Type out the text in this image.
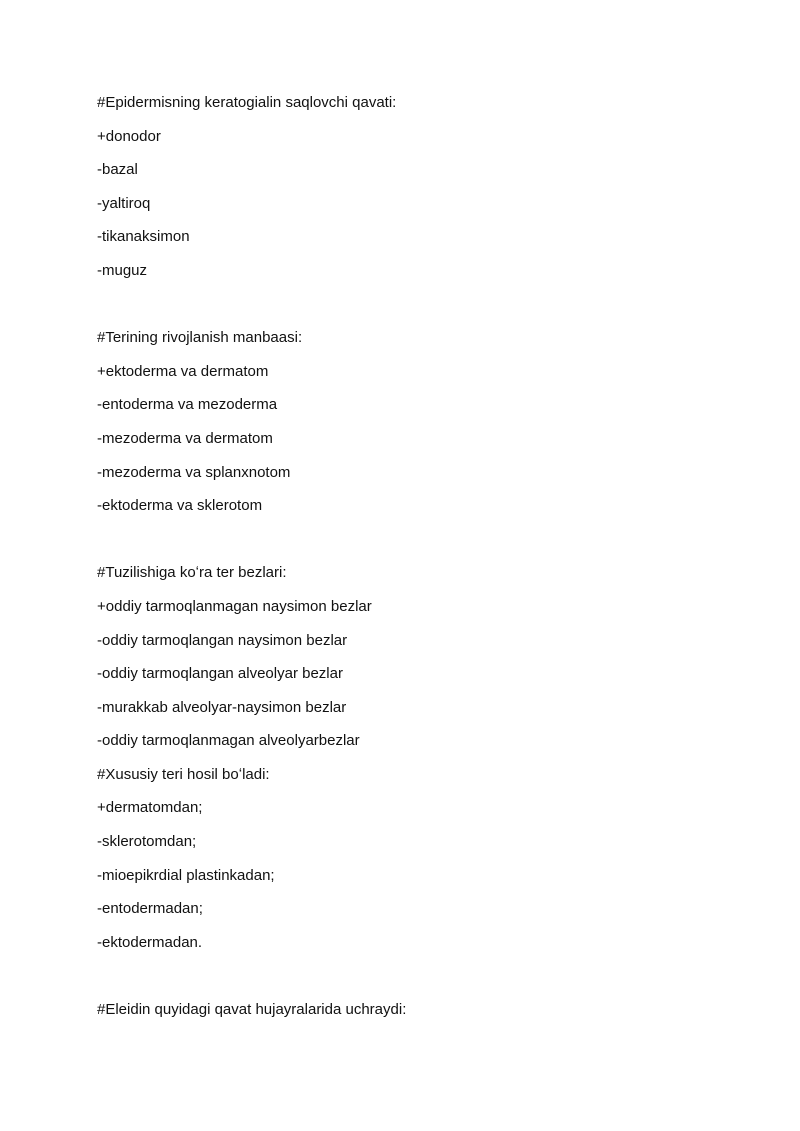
#Epidermisning keratogialin saqlovchi qavati:
+donodor
-bazal
-yaltiroq
-tikanaksimon
-muguz
#Terining rivojlanish manbaasi:
+ektoderma va dermatom
-entoderma va mezoderma
-mezoderma va dermatom
-mezoderma va splanxnotom
-ektoderma va sklerotom
#Tuzilishiga koʻra ter bezlari:
+oddiy tarmoqlanmagan naysimon bezlar
-oddiy tarmoqlangan naysimon bezlar
-oddiy tarmoqlangan alveolyar bezlar
-murakkab alveolyar-naysimon bezlar
-oddiy tarmoqlanmagan alveolyarbezlar
#Xususiy teri hosil boʻladi:
+dermatomdan;
-sklerotomdan;
-mioepikrdial plastinkadan;
-entodermadan;
-ektodermadan.
#Eleidin quyidagi qavat hujayralarida uchraydi:
